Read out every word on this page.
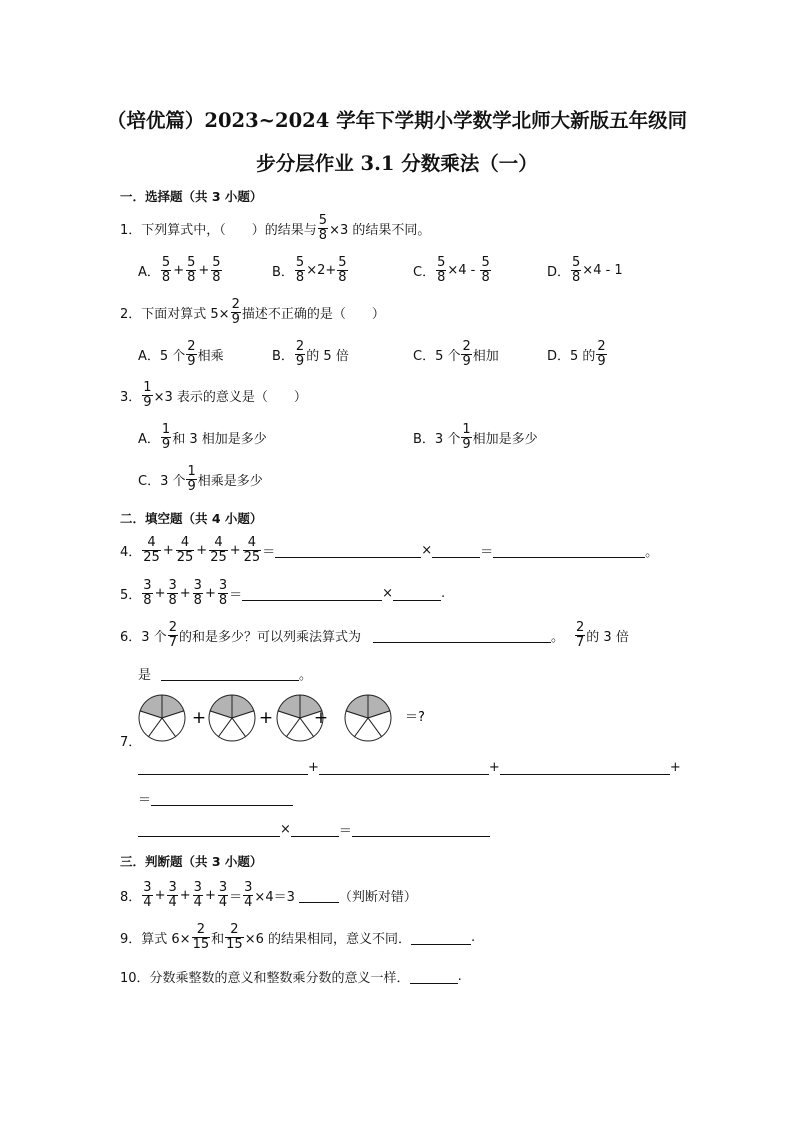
（培优篇）2023~2024 学年下学期小学数学北师大新版五年级同
步分层作业 3.1 分数乘法（一）
一．选择题（共 3 小题）
1． 下列算式中，（　　）的结果与 $\frac{5}{8} \times 3$ 的结果不同。
A．
5
$8 + \frac{5}{8} + \frac{5}{8}$	B． $\frac{5}{8} \times 2+ \frac{5}{8}$	C． $\frac{5}{8} \times 4$ -
5
8	D． $\frac{5}{8} \times 4 - 1$
2． 下面对算式 $5\times \frac{2}{9}$ 描述不正确的是（　　）
A．5 个
2
9 相乘	B．
2
9 的 5 倍	C．5 个
2
9 相加	D．5 的
2
9
3． $\frac{1}{9} \times 3$ 表示的意义是（　　）
A．
1
9 和 3 相加是多少	B．3 个
1
9 相加是多少
C．3 个
1
9 相乘是多少
二．填空题（共 4 小题）
4．
4
$25 + \frac{4}{25} + \frac{4}{25} + \frac{4}{25}$ ＝	×	＝	。
5．
3
$8 + \frac{3}{8} + \frac{3}{8} + \frac{3}{8}$ ＝	×	.
6． 3 个
2
7 的和是多少？可以列乘法算式为	。
2
7 的 3 倍
是	。
7．
+
+
+	＝?
+	+	+
＝
×	＝
三．判断题（共 3 小题）
8．
3
$4 + \frac{3}{4} + \frac{3}{4} + \frac{3}{4} = \frac{3}{4} \times 4=3$	（判断对错）
9． 算式 $6\times \frac{2}{15}$ 和 $\frac{2}{15} \times 6$ 的结果相同，意义不同．	.
10． 分数乘整数的意义和整数乘分数的意义一样．	.
